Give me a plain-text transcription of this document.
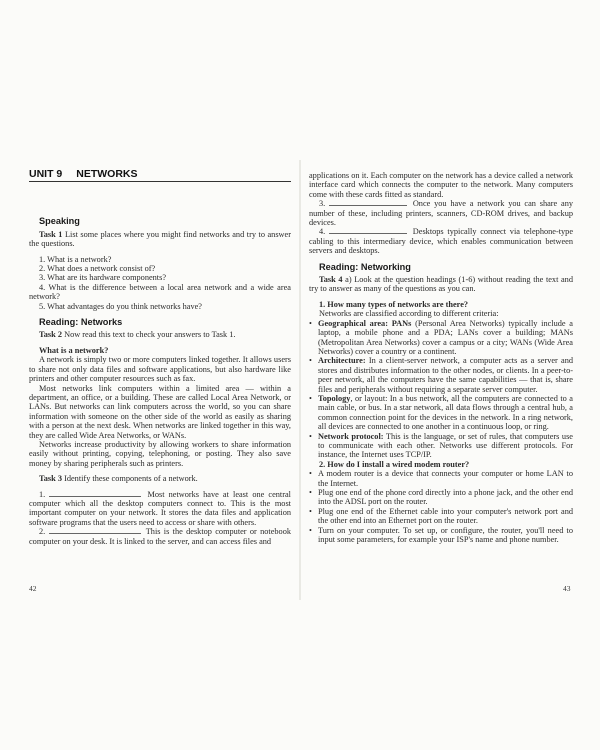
UNIT 9 NETWORKS
Speaking

Task 1 List some places where you might find networks and try to answer the questions.

1. What is a network?

2. What does a network consist of?

3. What are its hardware components?

4. What is the difference between a local area network and a wide area network?

5. What advantages do you think networks have?

Reading: Networks

Task 2 Now read this text to check your answers to Task 1.

What is a network?

A network is simply two or more computers linked together. It allows users to share not only data files and software applications, but also hardware like printers and other computer resources such as fax.

Most networks link computers within a limited area — within a department, an office, or a building. These are called Local Area Network, or LANs. But networks can link computers across the world, so you can share information with someone on the other side of the world as easily as sharing with a person at the next desk. When networks are linked together in this way, they are called Wide Area Networks, or WANs.

Networks increase productivity by allowing workers to share information easily without printing, copying, telephoning, or posting. They also save money by sharing peripherals such as printers.

Task 3 Identify these components of a network.

1.	Most networks have at least one central computer which all the desktop computers connect to. This is the most important computer on your network. It stores the data files and application software programs that the users need to access or share with others.

2.	This is the desktop computer or notebook computer on your desk. It is linked to the server, and can access files and

applications on it. Each computer on the network has a device called a network interface card which connects the computer to the network. Many computers come with these cards fitted as standard.

3.	Once you have a network you can share any number of these, including printers, scanners, CD-ROM drives, and backup devices.

4.	Desktops typically connect via telephone-type cabling to this intermediary device, which enables communication between servers and desktops.

Reading: Networking

Task 4 a) Look at the question headings (1-6) without reading the text and try to answer as many of the questions as you can.

1. How many types of networks are there?

Networks are classified according to different criteria:

• Geographical area: PANs (Personal Area Networks) typically include a laptop, a mobile phone and a PDA; LANs cover a building; MANs (Metropolitan Area Networks) cover a campus or a city; WANs (Wide Area Networks) cover a country or a continent.
• Architecture: In a client-server network, a computer acts as a server and stores and distributes information to the other nodes, or clients. In a peer-to-peer network, all the computers have the same capabilities — that is, share files and peripherals without requiring a separate server computer.
• Topology, or layout: In a bus network, all the computers are connected to a main cable, or bus. In a star network, all data flows through a central hub, a common connection point for the devices in the network. In a ring network, all devices are connected to one another in a continuous loop, or ring.
• Network protocol: This is the language, or set of rules, that computers use to communicate with each other. Networks use different protocols. For instance, the Internet uses TCP/IP.

2. How do I install a wired modem router?

• A modem router is a device that connects your computer or home LAN to the Internet.
• Plug one end of the phone cord directly into a phone jack, and the other end into the ADSL port on the router.
• Plug one end of the Ethernet cable into your computer's network port and the other end into an Ethernet port on the router.
• Turn on your computer. To set up, or configure, the router, you'll need to input some parameters, for example your ISP's name and phone number.
42	43
